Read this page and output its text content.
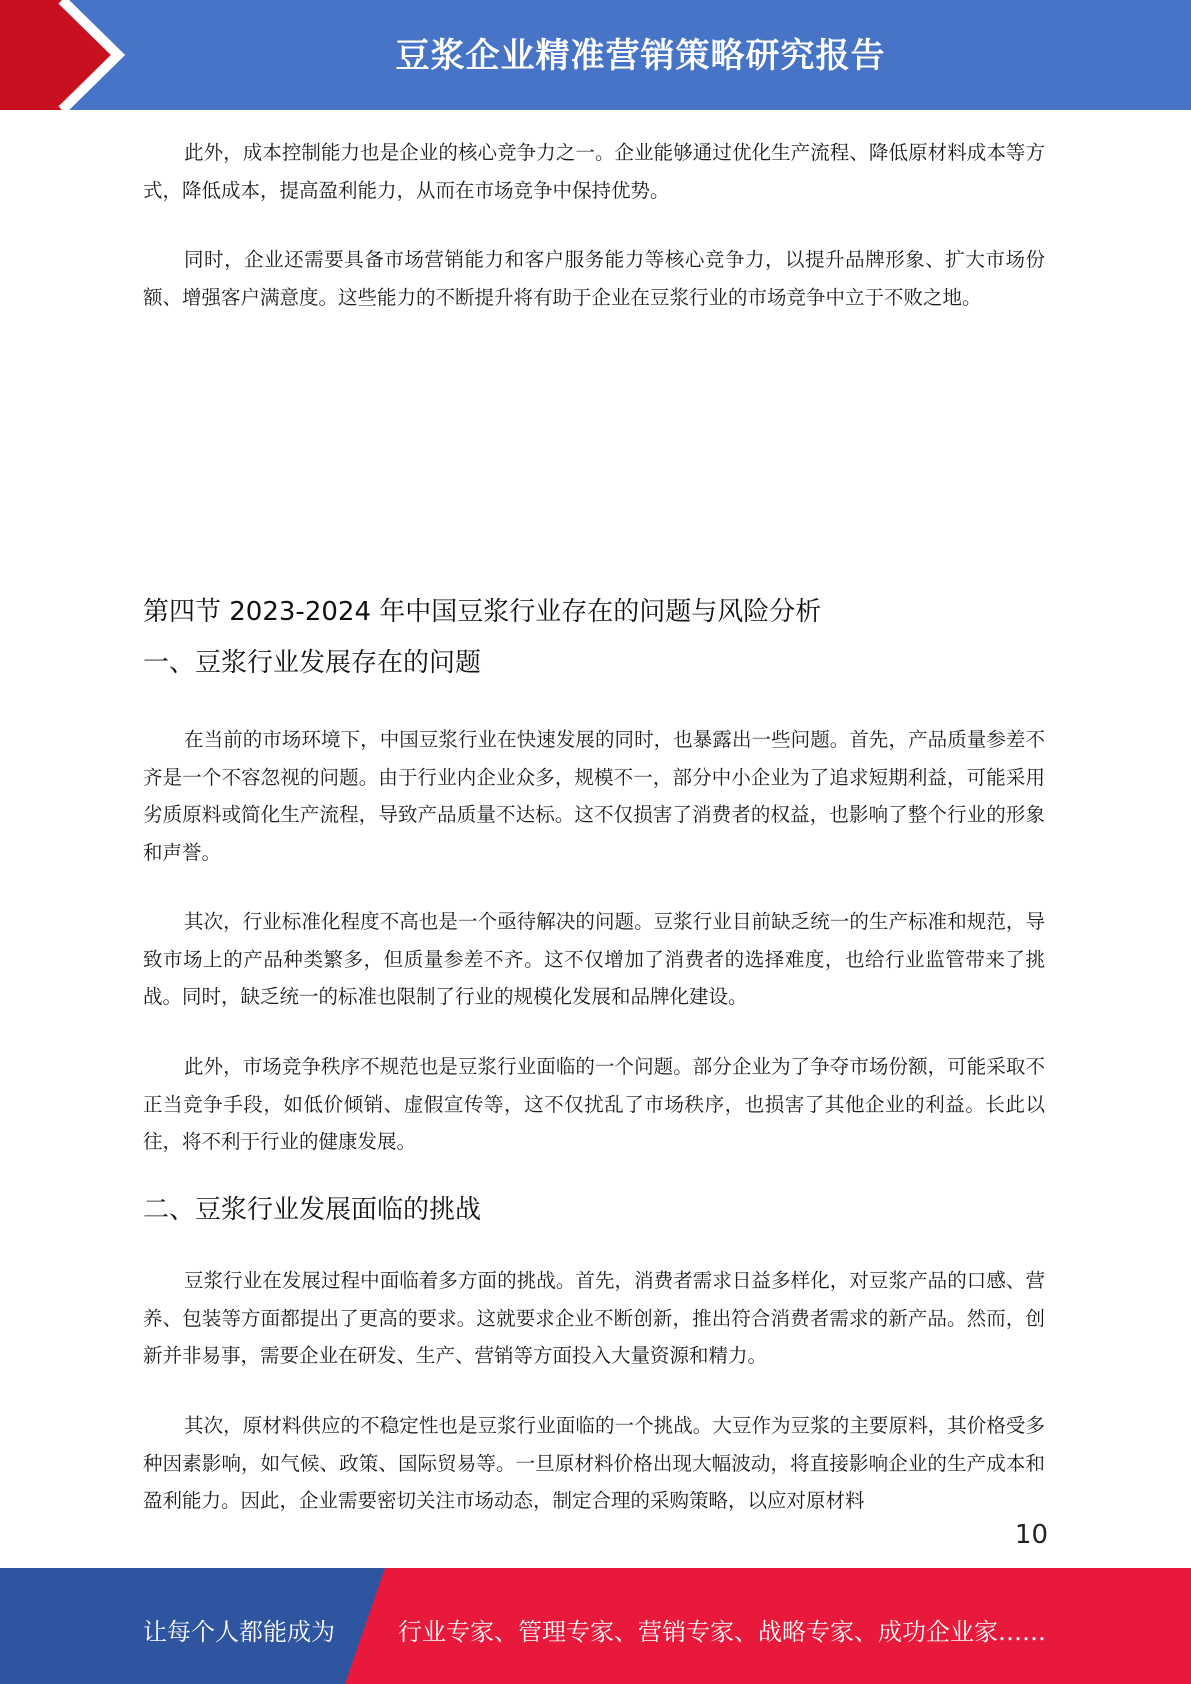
豆浆企业精准营销策略研究报告

此外，成本控制能力也是企业的核心竞争力之一。企业能够通过优化生产流程、降低原材料成本等方式，降低成本，提高盈利能力，从而在市场竞争中保持优势。

同时，企业还需要具备市场营销能力和客户服务能力等核心竞争力，以提升品牌形象、扩大市场份额、增强客户满意度。这些能力的不断提升将有助于企业在豆浆行业的市场竞争中立于不败之地。

第四节 2023-2024 年中国豆浆行业存在的问题与风险分析
一、豆浆行业发展存在的问题

在当前的市场环境下，中国豆浆行业在快速发展的同时，也暴露出一些问题。首先，产品质量参差不齐是一个不容忽视的问题。由于行业内企业众多，规模不一，部分中小企业为了追求短期利益，可能采用劣质原料或简化生产流程，导致产品质量不达标。这不仅损害了消费者的权益，也影响了整个行业的形象和声誉。

其次，行业标准化程度不高也是一个亟待解决的问题。豆浆行业目前缺乏统一的生产标准和规范，导致市场上的产品种类繁多，但质量参差不齐。这不仅增加了消费者的选择难度，也给行业监管带来了挑战。同时，缺乏统一的标准也限制了行业的规模化发展和品牌化建设。

此外，市场竞争秩序不规范也是豆浆行业面临的一个问题。部分企业为了争夺市场份额，可能采取不正当竞争手段，如低价倾销、虚假宣传等，这不仅扰乱了市场秩序，也损害了其他企业的利益。长此以往，将不利于行业的健康发展。

二、豆浆行业发展面临的挑战

豆浆行业在发展过程中面临着多方面的挑战。首先，消费者需求日益多样化，对豆浆产品的口感、营养、包装等方面都提出了更高的要求。这就要求企业不断创新，推出符合消费者需求的新产品。然而，创新并非易事，需要企业在研发、生产、营销等方面投入大量资源和精力。

其次，原材料供应的不稳定性也是豆浆行业面临的一个挑战。大豆作为豆浆的主要原料，其价格受多种因素影响，如气候、政策、国际贸易等。一旦原材料价格出现大幅波动，将直接影响企业的生产成本和盈利能力。因此，企业需要密切关注市场动态，制定合理的采购策略，以应对原材料

10
让每个人都能成为	行业专家、管理专家、营销专家、战略专家、成功企业家……
